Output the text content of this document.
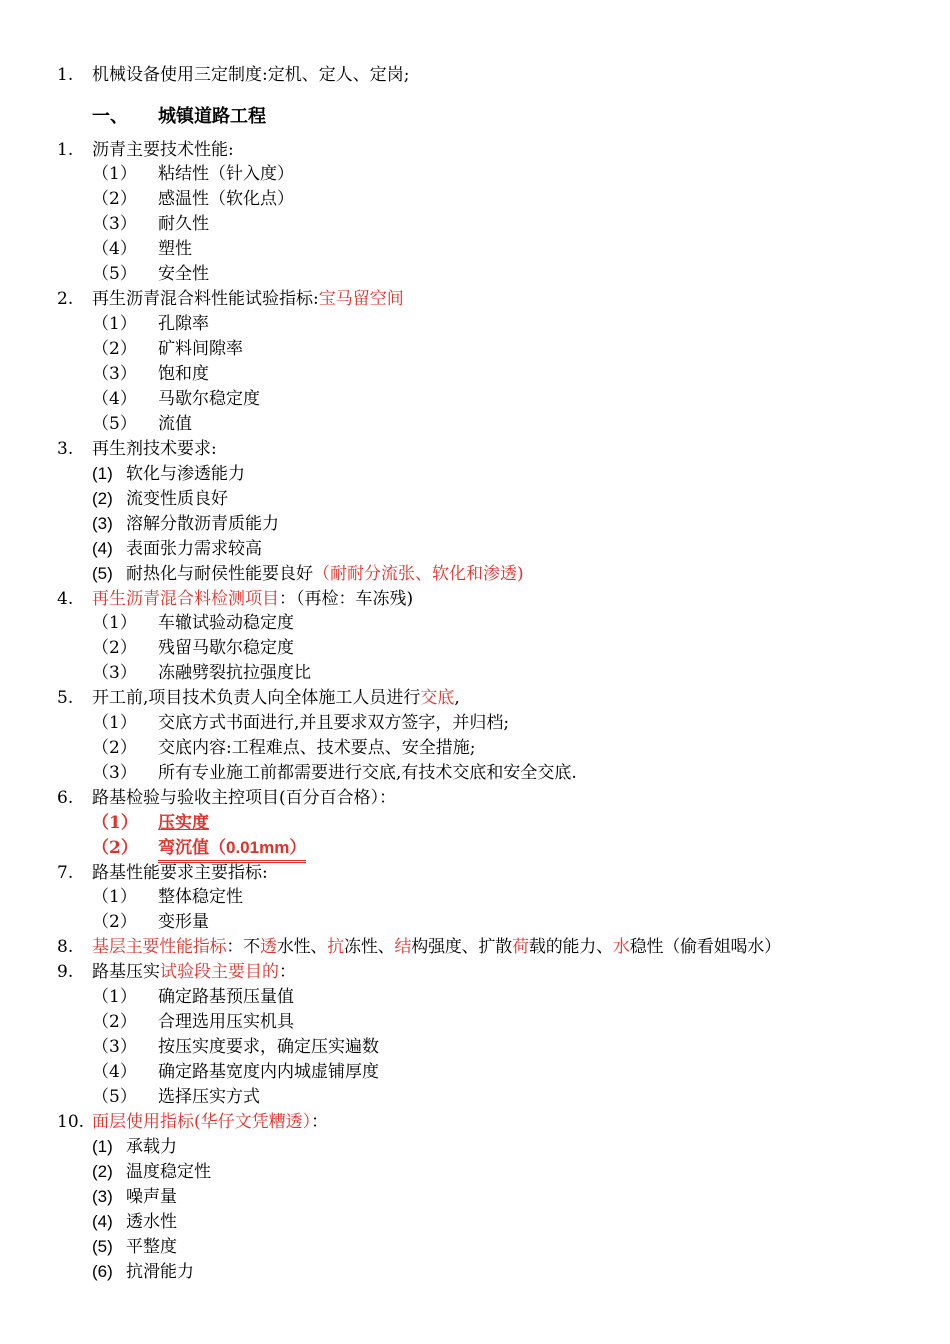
1. 机械设备使用三定制度:定机、定人、定岗;
一、 城镇道路工程
1. 沥青主要技术性能:
（1） 粘结性（针入度）
（2） 感温性（软化点）
（3） 耐久性
（4） 塑性
（5） 安全性
2. 再生沥青混合料性能试验指标:宝马留空间
（1） 孔隙率
（2） 矿料间隙率
（3） 饱和度
（4） 马歇尔稳定度
（5） 流值
3. 再生剂技术要求:
(1) 软化与渗透能力
(2) 流变性质良好
(3) 溶解分散沥青质能力
(4) 表面张力需求较高
(5) 耐热化与耐侯性能要良好（耐耐分流张、软化和渗透)
4. 再生沥青混合料检测项目：（再检：车冻残)
（1） 车辙试验动稳定度
（2） 残留马歇尔稳定度
（3） 冻融劈裂抗拉强度比
5. 开工前,项目技术负责人向全体施工人员进行交底,
（1） 交底方式书面进行,并且要求双方签字，并归档;
（2） 交底内容:工程难点、技术要点、安全措施;
（3） 所有专业施工前都需要进行交底,有技术交底和安全交底.
6. 路基检验与验收主控项目(百分百合格）：
（1） 压实度
（2） 弯沉值（0.01mm）
7. 路基性能要求主要指标:
（1） 整体稳定性
（2） 变形量
8. 基层主要性能指标：不透水性、抗冻性、结构强度、扩散荷载的能力、水稳性（偷看姐喝水）
9. 路基压实试验段主要目的：
（1） 确定路基预压量值
（2） 合理选用压实机具
（3） 按压实度要求，确定压实遍数
（4） 确定路基宽度内内城虚铺厚度
（5） 选择压实方式
10. 面层使用指标(华仔文凭糟透）：
(1) 承载力
(2) 温度稳定性
(3) 噪声量
(4) 透水性
(5) 平整度
(6) 抗滑能力
